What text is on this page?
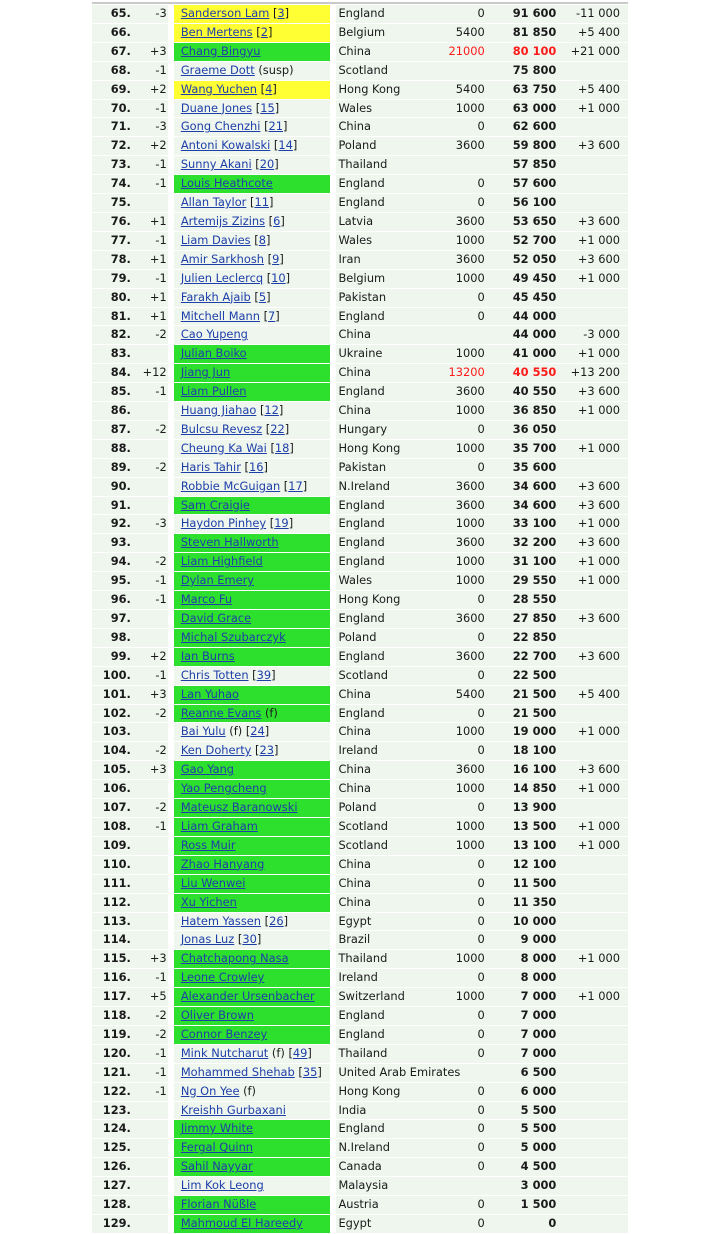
65.	-3		Sanderson Lam [3]		England	0	91 600	-11 000
66.			Ben Mertens [2]		Belgium	5400	81 850	+5 400
67.	+3		Chang Bingyu		China	21000	80 100	+21 000
68.	-1		Graeme Dott (susp)		Scotland		75 800	
69.	+2		Wang Yuchen [4]		Hong Kong	5400	63 750	+5 400
70.	-1		Duane Jones [15]		Wales	1000	63 000	+1 000
71.	-3		Gong Chenzhi [21]		China	0	62 600	
72.	+2		Antoni Kowalski [14]		Poland	3600	59 800	+3 600
73.	-1		Sunny Akani [20]		Thailand		57 850	
74.	-1		Louis Heathcote		England	0	57 600	
75.			Allan Taylor [11]		England	0	56 100	
76.	+1		Artemijs Zizins [6]		Latvia	3600	53 650	+3 600
77.	-1		Liam Davies [8]		Wales	1000	52 700	+1 000
78.	+1		Amir Sarkhosh [9]		Iran	3600	52 050	+3 600
79.	-1		Julien Leclercq [10]		Belgium	1000	49 450	+1 000
80.	+1		Farakh Ajaib [5]		Pakistan	0	45 450	
81.	+1		Mitchell Mann [7]		England	0	44 000	
82.	-2		Cao Yupeng		China		44 000	-3 000
83.			Julian Boiko		Ukraine	1000	41 000	+1 000
84.	+12		Jiang Jun		China	13200	40 550	+13 200
85.	-1		Liam Pullen		England	3600	40 550	+3 600
86.			Huang Jiahao [12]		China	1000	36 850	+1 000
87.	-2		Bulcsu Revesz [22]		Hungary	0	36 050	
88.			Cheung Ka Wai [18]		Hong Kong	1000	35 700	+1 000
89.	-2		Haris Tahir [16]		Pakistan	0	35 600	
90.			Robbie McGuigan [17]		N.Ireland	3600	34 600	+3 600
91.			Sam Craigie		England	3600	34 600	+3 600
92.	-3		Haydon Pinhey [19]		England	1000	33 100	+1 000
93.			Steven Hallworth		England	3600	32 200	+3 600
94.	-2		Liam Highfield		England	1000	31 100	+1 000
95.	-1		Dylan Emery		Wales	1000	29 550	+1 000
96.	-1		Marco Fu		Hong Kong	0	28 550	
97.			David Grace		England	3600	27 850	+3 600
98.			Michal Szubarczyk		Poland	0	22 850	
99.	+2		Ian Burns		England	3600	22 700	+3 600
100.	-1		Chris Totten [39]		Scotland	0	22 500	
101.	+3		Lan Yuhao		China	5400	21 500	+5 400
102.	-2		Reanne Evans (f)		England	0	21 500	
103.			Bai Yulu (f) [24]		China	1000	19 000	+1 000
104.	-2		Ken Doherty [23]		Ireland	0	18 100	
105.	+3		Gao Yang		China	3600	16 100	+3 600
106.			Yao Pengcheng		China	1000	14 850	+1 000
107.	-2		Mateusz Baranowski		Poland	0	13 900	
108.	-1		Liam Graham		Scotland	1000	13 500	+1 000
109.			Ross Muir		Scotland	1000	13 100	+1 000
110.			Zhao Hanyang		China	0	12 100	
111.			Liu Wenwei		China	0	11 500	
112.			Xu Yichen		China	0	11 350	
113.			Hatem Yassen [26]		Egypt	0	10 000	
114.			Jonas Luz [30]		Brazil	0	9 000	
115.	+3		Chatchapong Nasa		Thailand	1000	8 000	+1 000
116.	-1		Leone Crowley		Ireland	0	8 000	
117.	+5		Alexander Ursenbacher		Switzerland	1000	7 000	+1 000
118.	-2		Oliver Brown		England	0	7 000	
119.	-2		Connor Benzey		England	0	7 000	
120.	-1		Mink Nutcharut (f) [49]		Thailand	0	7 000	
121.	-1		Mohammed Shehab [35]		United Arab Emirates		6 500	
122.	-1		Ng On Yee (f)		Hong Kong	0	6 000	
123.			Kreishh Gurbaxani		India	0	5 500	
124.			Jimmy White		England	0	5 500	
125.			Fergal Quinn		N.Ireland	0	5 000	
126.			Sahil Nayyar		Canada	0	4 500	
127.			Lim Kok Leong		Malaysia		3 000	
128.			Florian Nüßle		Austria	0	1 500	
129.			Mahmoud El Hareedy		Egypt	0	0	
